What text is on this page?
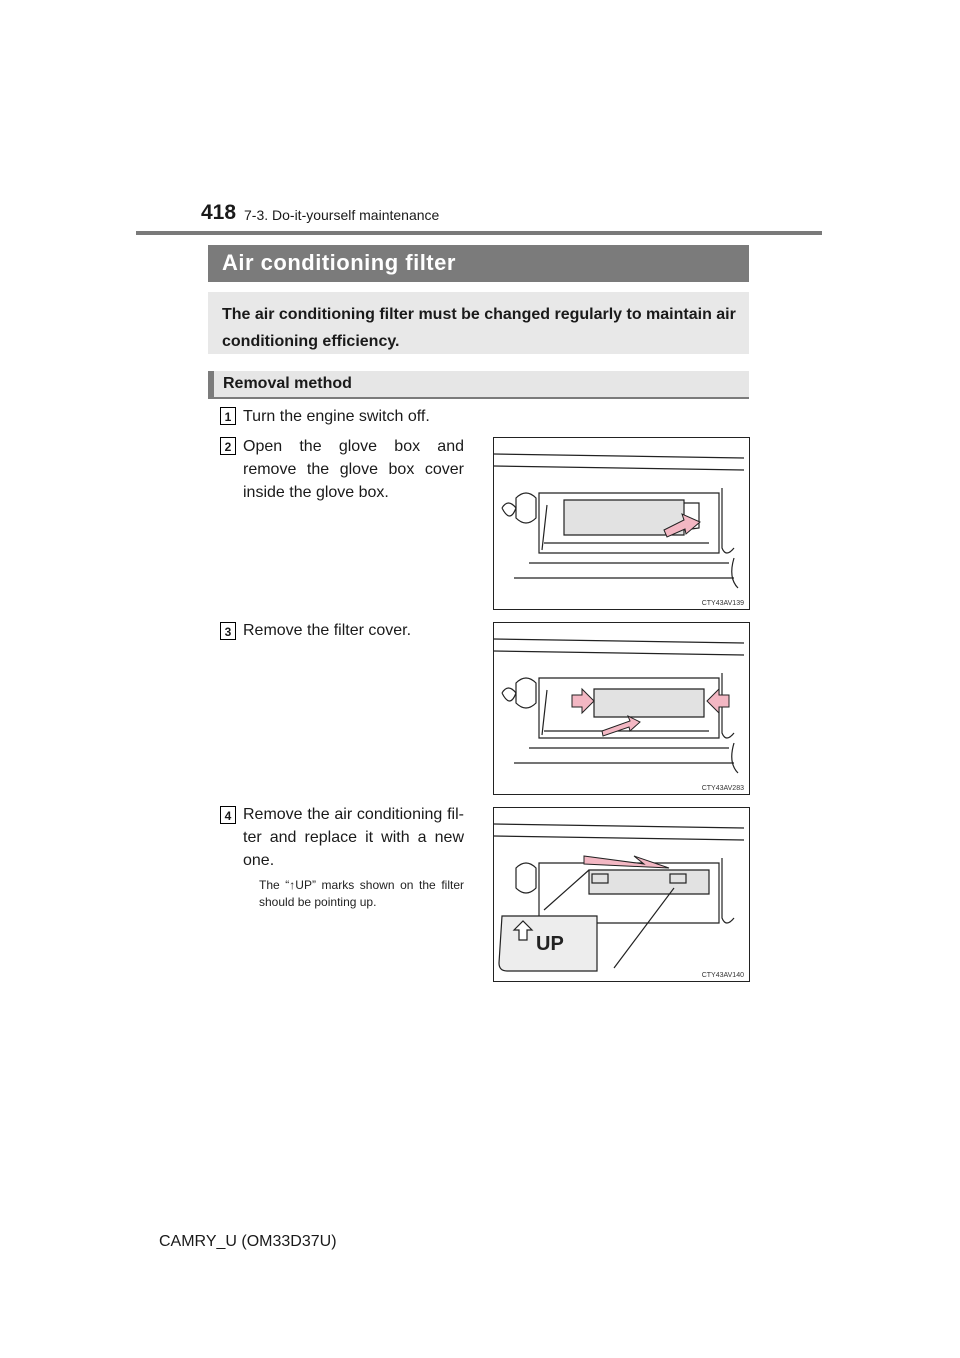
418 7-3. Do-it-yourself maintenance
Air conditioning filter
The air conditioning filter must be changed regularly to maintain air conditioning efficiency.
Removal method
1 Turn the engine switch off.
2 Open the glove box and remove the glove box cover inside the glove box.
CTY43AV139
3 Remove the filter cover.
CTY43AV283
4 Remove the air conditioning fil-ter and replace it with a new one.
The “↑UP” marks shown on the filter should be pointing up.
UP
CTY43AV140
CAMRY_U (OM33D37U)
